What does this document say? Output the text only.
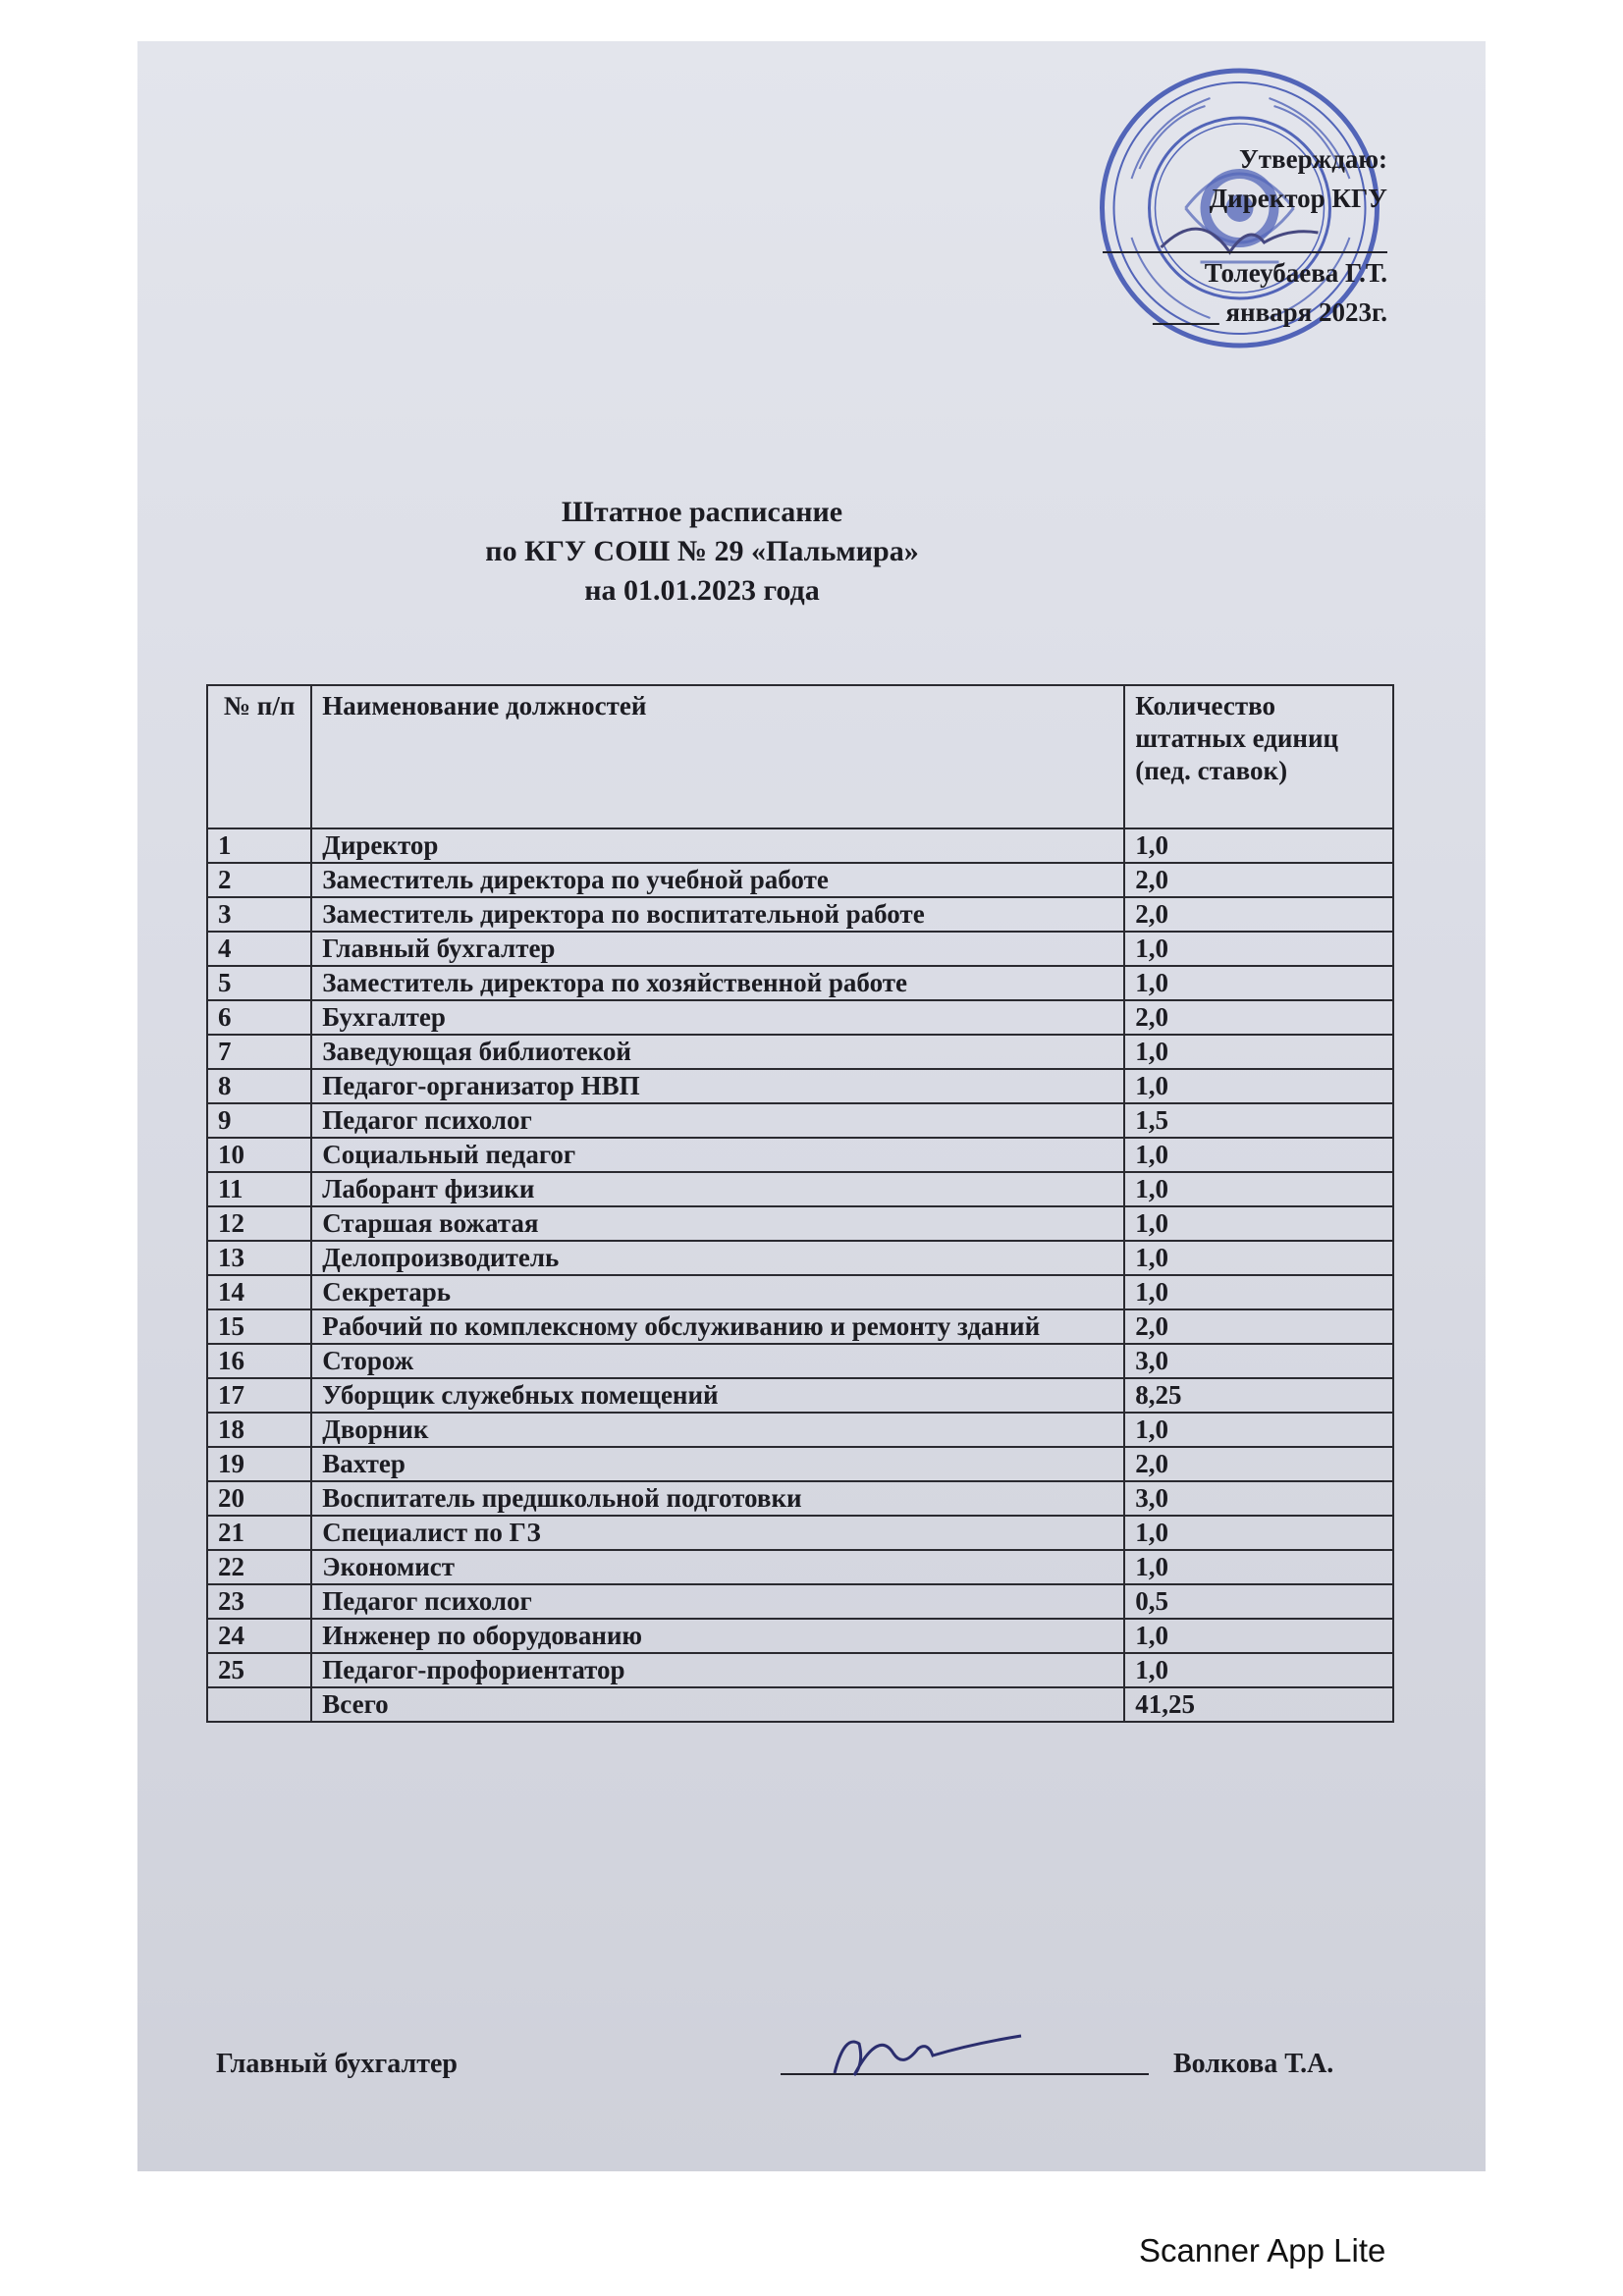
Утверждаю:
Директор КГУ
Толеубаева Г.Т.
_____ января 2023г.
Штатное расписание
по КГУ СОШ № 29 «Пальмира»
на 01.01.2023 года
№ п/п	Наименование должностей	Количество штатных единиц (пед. ставок)
1	Директор	1,0
2	Заместитель директора по учебной работе	2,0
3	Заместитель директора по воспитательной работе	2,0
4	Главный бухгалтер	1,0
5	Заместитель директора по хозяйственной работе	1,0
6	Бухгалтер	2,0
7	Заведующая библиотекой	1,0
8	Педагог-организатор НВП	1,0
9	Педагог психолог	1,5
10	Социальный педагог	1,0
11	Лаборант физики	1,0
12	Старшая вожатая	1,0
13	Делопроизводитель	1,0
14	Секретарь	1,0
15	Рабочий по комплексному обслуживанию и ремонту зданий	2,0
16	Сторож	3,0
17	Уборщик служебных помещений	8,25
18	Дворник	1,0
19	Вахтер	2,0
20	Воспитатель предшкольной подготовки	3,0
21	Специалист по ГЗ	1,0
22	Экономист	1,0
23	Педагог психолог	0,5
24	Инженер по оборудованию	1,0
25	Педагог-профориентатор	1,0
	Всего	41,25
Главный бухгалтер	Волкова Т.А.
Scanner App Lite
